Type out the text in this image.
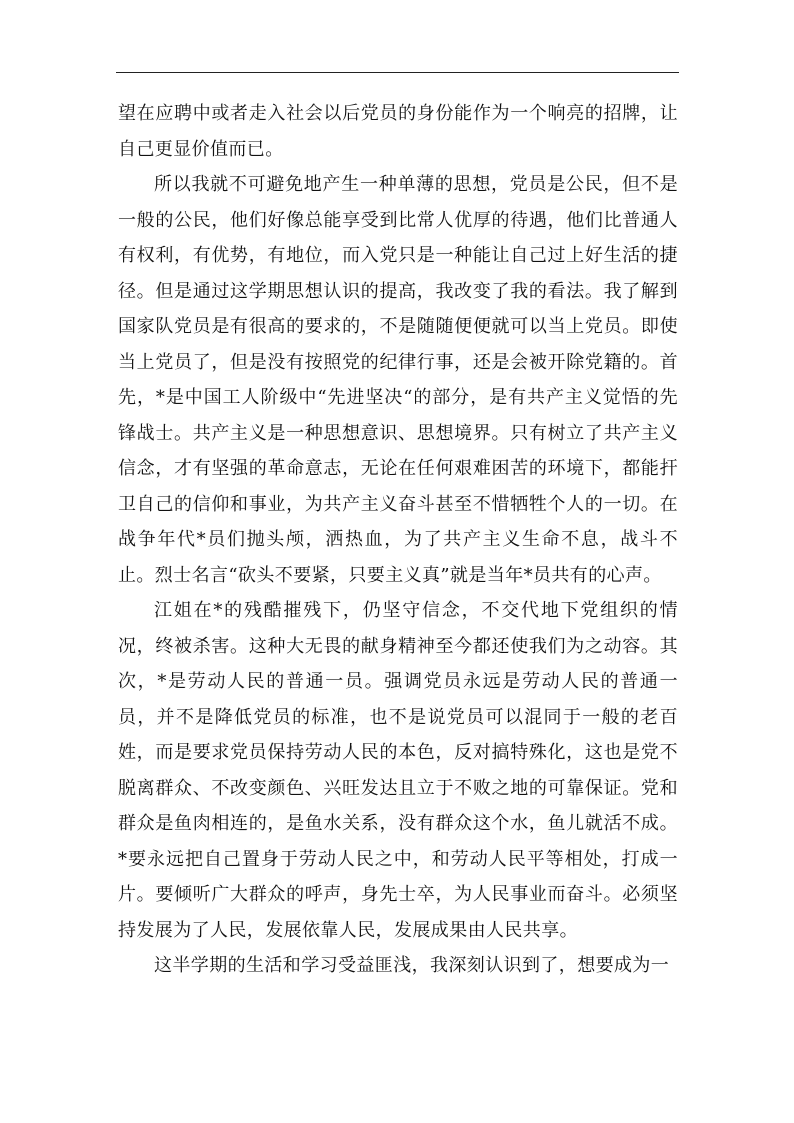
望在应聘中或者走入社会以后党员的身份能作为一个响亮的招牌，让自己更显价值而已。

所以我就不可避免地产生一种单薄的思想，党员是公民，但不是一般的公民，他们好像总能享受到比常人优厚的待遇，他们比普通人有权利，有优势，有地位，而入党只是一种能让自己过上好生活的捷径。但是通过这学期思想认识的提高，我改变了我的看法。我了解到国家队党员是有很高的要求的，不是随随便便就可以当上党员。即使当上党员了，但是没有按照党的纪律行事，还是会被开除党籍的。首先，*是中国工人阶级中“先进坚决“的部分，是有共产主义觉悟的先锋战士。共产主义是一种思想意识、思想境界。只有树立了共产主义信念，才有坚强的革命意志，无论在任何艰难困苦的环境下，都能扞卫自己的信仰和事业，为共产主义奋斗甚至不惜牺牲个人的一切。在战争年代*员们抛头颅，洒热血，为了共产主义生命不息，战斗不止。烈士名言“砍头不要紧，只要主义真”就是当年*员共有的心声。

江姐在*的残酷摧残下，仍坚守信念，不交代地下党组织的情况，终被杀害。这种大无畏的献身精神至今都还使我们为之动容。其次，*是劳动人民的普通一员。强调党员永远是劳动人民的普通一员，并不是降低党员的标准，也不是说党员可以混同于一般的老百姓，而是要求党员保持劳动人民的本色，反对搞特殊化，这也是党不脱离群众、不改变颜色、兴旺发达且立于不败之地的可靠保证。党和群众是鱼肉相连的，是鱼水关系，没有群众这个水，鱼儿就活不成。*要永远把自己置身于劳动人民之中，和劳动人民平等相处，打成一片。要倾听广大群众的呼声，身先士卒，为人民事业而奋斗。必须坚持发展为了人民，发展依靠人民，发展成果由人民共享。

这半学期的生活和学习受益匪浅，我深刻认识到了，想要成为一
